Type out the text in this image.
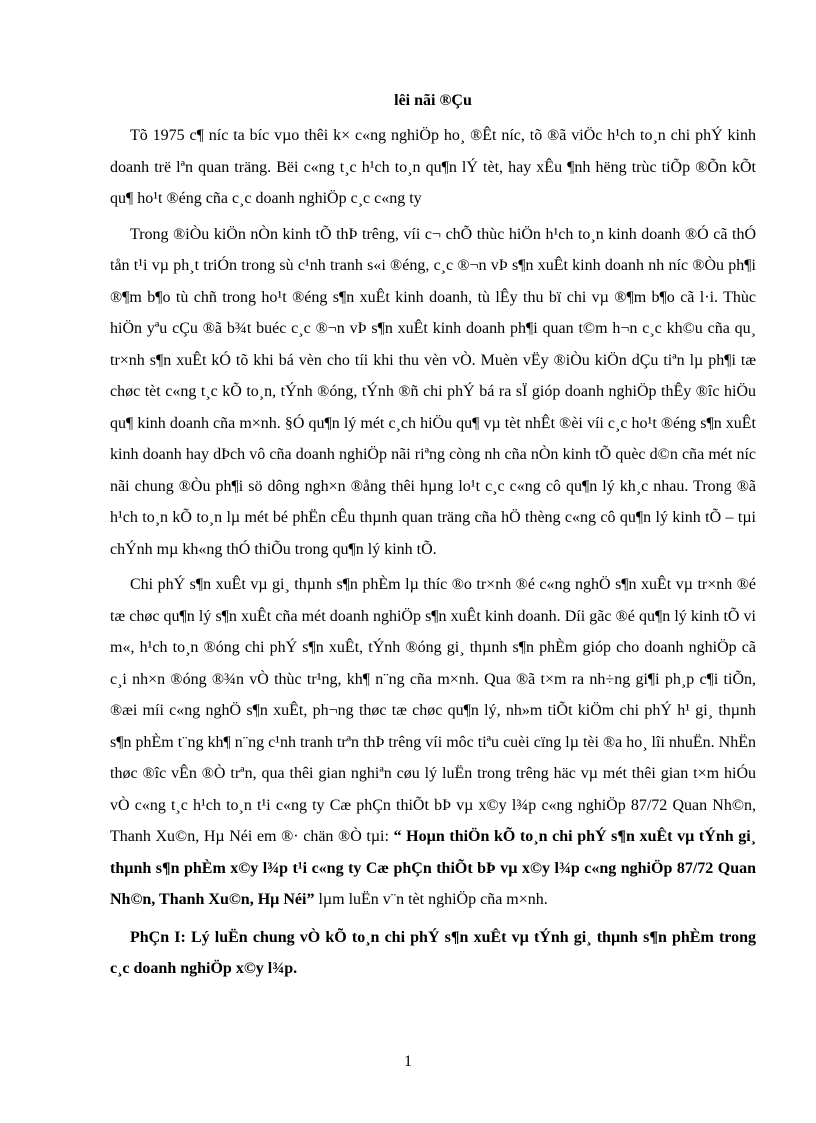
lêi nãi ®Çu

Tõ 1975 c¶ níc ta bíc vµo thêi k× c«ng nghiÖp ho¸ ®Êt níc, tõ ®ã viÖc h¹ch to¸n chi phÝ kinh doanh trë lªn quan träng. Bëi c«ng t¸c h¹ch to¸n qu¶n lÝ tèt, hay xÊu ¶nh hëng trùc tiÕp ®Õn kÕt qu¶ ho¹t ®éng cña c¸c doanh nghiÖp c¸c c«ng ty

Trong ®iÒu kiÖn nÒn kinh tÕ thÞ trêng, víi c¬ chÕ thùc hiÖn h¹ch to¸n kinh doanh ®Ó cã thÓ tån t¹i vµ ph¸t triÓn trong sù c¹nh tranh s«i ®éng, c¸c ®¬n vÞ s¶n xuÊt kinh doanh nh níc ®Òu ph¶i ®¶m b¶o tù chñ trong ho¹t ®éng s¶n xuÊt kinh doanh, tù lÊy thu bï chi vµ ®¶m b¶o cã l·i. Thùc hiÖn yªu cÇu ®ã b¾t buéc c¸c ®¬n vÞ s¶n xuÊt kinh doanh ph¶i quan t©m h¬n c¸c kh©u cña qu¸ tr×nh s¶n xuÊt kÓ tõ khi bá vèn cho tíi khi thu vèn vÒ. Muèn vËy ®iÒu kiÖn dÇu tiªn lµ ph¶i tæ chøc tèt c«ng t¸c kÕ to¸n, tÝnh ®óng, tÝnh ®ñ chi phÝ bá ra sÏ gióp doanh nghiÖp thÊy ®îc hiÖu qu¶ kinh doanh cña m×nh. §Ó qu¶n lý mét c¸ch hiÖu qu¶ vµ tèt nhÊt ®èi víi c¸c ho¹t ®éng s¶n xuÊt kinh doanh hay dÞch vô cña doanh nghiÖp nãi riªng còng nh cña nÒn kinh tÕ quèc d©n cña mét níc nãi chung ®Òu ph¶i sö dông ngh×n ®ång thêi hµng lo¹t c¸c c«ng cô qu¶n lý kh¸c nhau. Trong ®ã h¹ch to¸n kÕ to¸n lµ mét bé phËn cÊu thµnh quan träng cña hÖ thèng c«ng cô qu¶n lý kinh tÕ – tµi chÝnh mµ kh«ng thÓ thiÕu trong qu¶n lý kinh tÕ.

Chi phÝ s¶n xuÊt vµ gi¸ thµnh s¶n phÈm lµ thíc ®o tr×nh ®é c«ng nghÖ s¶n xuÊt vµ tr×nh ®é tæ chøc qu¶n lý s¶n xuÊt cña mét doanh nghiÖp s¶n xuÊt kinh doanh. Díi gãc ®é qu¶n lý kinh tÕ vi m«, h¹ch to¸n ®óng chi phÝ s¶n xuÊt, tÝnh ®óng gi¸ thµnh s¶n phÈm gióp cho doanh nghiÖp cã c¸i nh×n ®óng ®¾n vÒ thùc tr¹ng, kh¶ n¨ng cña m×nh. Qua ®ã t×m ra nh÷ng gi¶i ph¸p c¶i tiÕn, ®æi míi c«ng nghÖ s¶n xuÊt, ph¬ng thøc tæ chøc qu¶n lý, nh»m tiÕt kiÖm chi phÝ h¹ gi¸ thµnh s¶n phÈm t¨ng kh¶ n¨ng c¹nh tranh trªn thÞ trêng víi môc tiªu cuèi cïng lµ tèi ®a ho¸ lîi nhuËn. NhËn thøc ®îc vÊn ®Ò trªn, qua thêi gian nghiªn cøu lý luËn trong trêng häc vµ mét thêi gian t×m hiÓu vÒ c«ng t¸c h¹ch to¸n t¹i c«ng ty Cæ phÇn thiÕt bÞ vµ x©y l¾p c«ng nghiÖp 87/72 Quan Nh©n, Thanh Xu©n, Hµ Néi em ®· chän ®Ò tµi: “ Hoµn thiÖn kÕ to¸n chi phÝ s¶n xuÊt vµ tÝnh gi¸ thµnh s¶n phÈm x©y l¾p t¹i c«ng ty Cæ phÇn thiÕt bÞ vµ x©y l¾p c«ng nghiÖp 87/72 Quan Nh©n, Thanh Xu©n, Hµ Néi” lµm luËn v¨n tèt nghiÖp cña m×nh.

PhÇn I: Lý luËn chung vÒ kÕ to¸n chi phÝ s¶n xuÊt vµ tÝnh gi¸ thµnh s¶n phÈm trong c¸c doanh nghiÖp x©y l¾p.

1
